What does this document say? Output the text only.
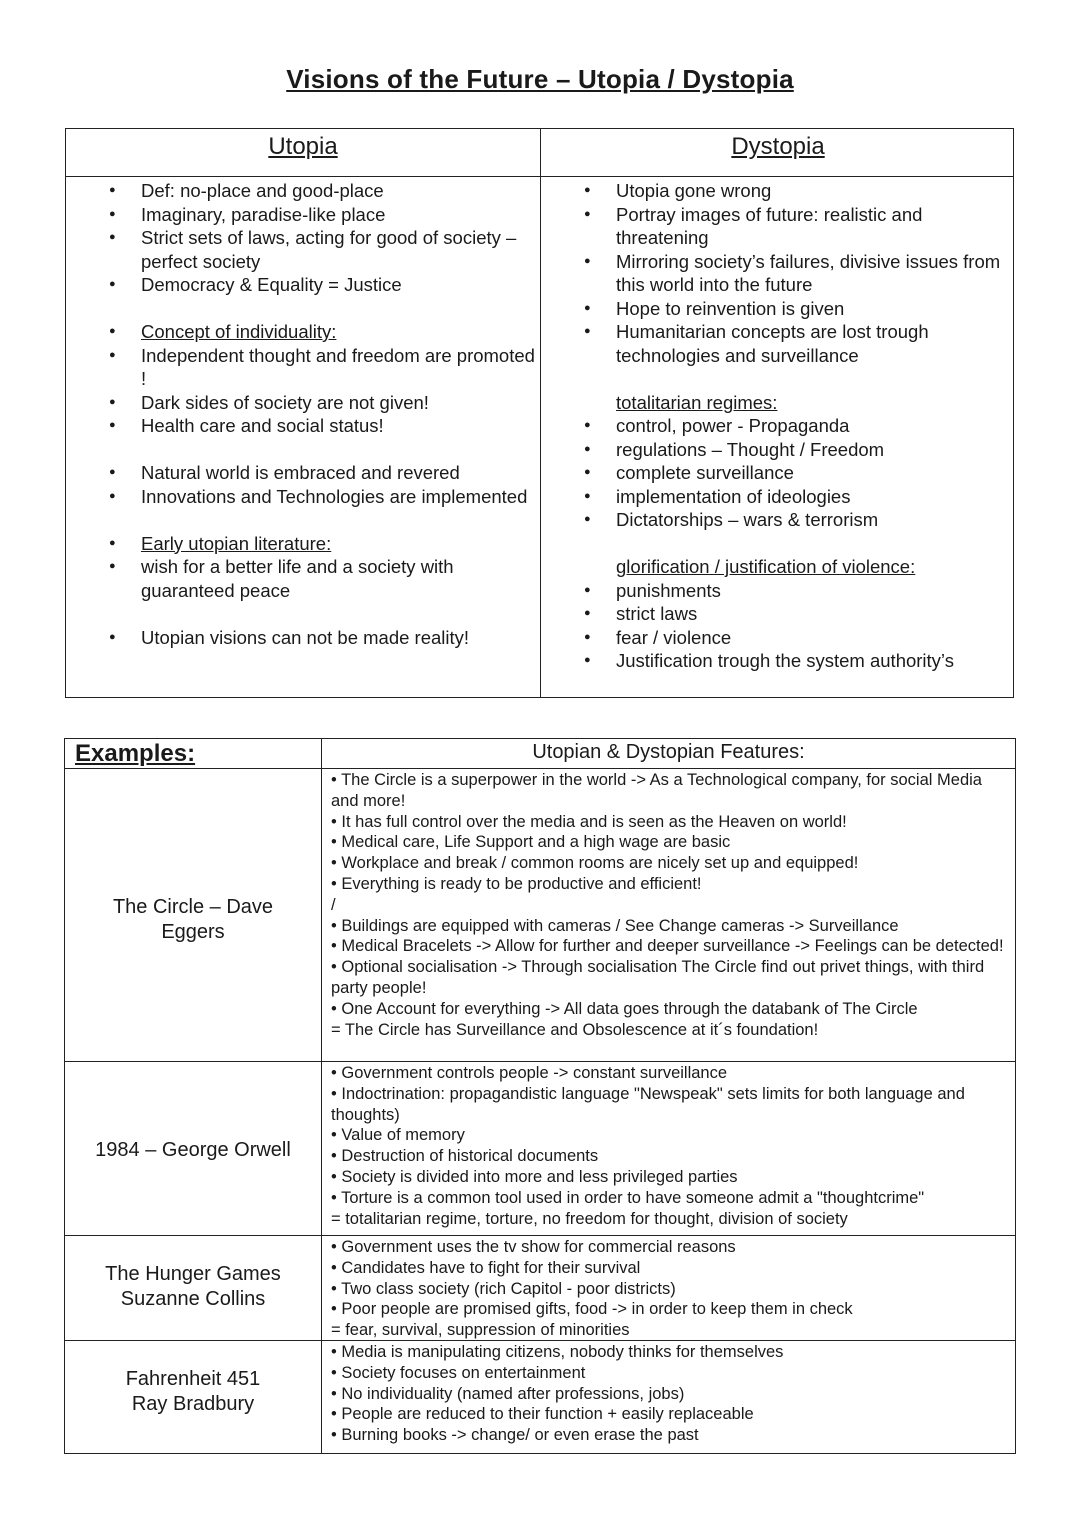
Visions of the Future – Utopia / Dystopia
Utopia	Dystopia
● Def: no-place and good-place
● Imaginary, paradise-like place
● Strict sets of laws, acting for good of society – perfect society
● Democracy & Equality = Justice
● Concept of individuality:
● Independent thought and freedom are promoted !
● Dark sides of society are not given!
● Health care and social status!
● Natural world is embraced and revered
● Innovations and Technologies are implemented
● Early utopian literature:
● wish for a better life and a society with guaranteed peace
● Utopian visions can not be made reality!
● Utopia gone wrong
● Portray images of future: realistic and threatening
● Mirroring society’s failures, divisive issues from this world into the future
● Hope to reinvention is given
● Humanitarian concepts are lost trough technologies and surveillance
totalitarian regimes:
● control, power - Propaganda
● regulations – Thought / Freedom
● complete surveillance
● implementation of ideologies
● Dictatorships – wars & terrorism
glorification / justification of violence:
● punishments
● strict laws
● fear / violence
● Justification trough the system authority’s
Examples:	Utopian & Dystopian Features:
The Circle – Dave
Eggers
• The Circle is a superpower in the world -> As a Technological company, for social Media and more!
• It has full control over the media and is seen as the Heaven on world!
• Medical care, Life Support and a high wage are basic
• Workplace and break / common rooms are nicely set up and equipped!
• Everything is ready to be productive and efficient!
/
• Buildings are equipped with cameras / See Change cameras -> Surveillance
• Medical Bracelets -> Allow for further and deeper surveillance -> Feelings can be detected!
• Optional socialisation -> Through socialisation The Circle find out privet things, with third party people!
• One Account for everything -> All data goes through the databank of The Circle
= The Circle has Surveillance and Obsolescence at it´s foundation!
1984 – George Orwell
• Government controls people -> constant surveillance
• Indoctrination: propagandistic language "Newspeak" sets limits for both language and thoughts)
• Value of memory
• Destruction of historical documents
• Society is divided into more and less privileged parties
• Torture is a common tool used in order to have someone admit a "thoughtcrime"
= totalitarian regime, torture, no freedom for thought, division of society
The Hunger Games
Suzanne Collins
• Government uses the tv show for commercial reasons
• Candidates have to fight for their survival
• Two class society (rich Capitol - poor districts)
• Poor people are promised gifts, food -> in order to keep them in check
= fear, survival, suppression of minorities
Fahrenheit 451
Ray Bradbury
• Media is manipulating citizens, nobody thinks for themselves
• Society focuses on entertainment
• No individuality (named after professions, jobs)
• People are reduced to their function + easily replaceable
• Burning books -> change/ or even erase the past
